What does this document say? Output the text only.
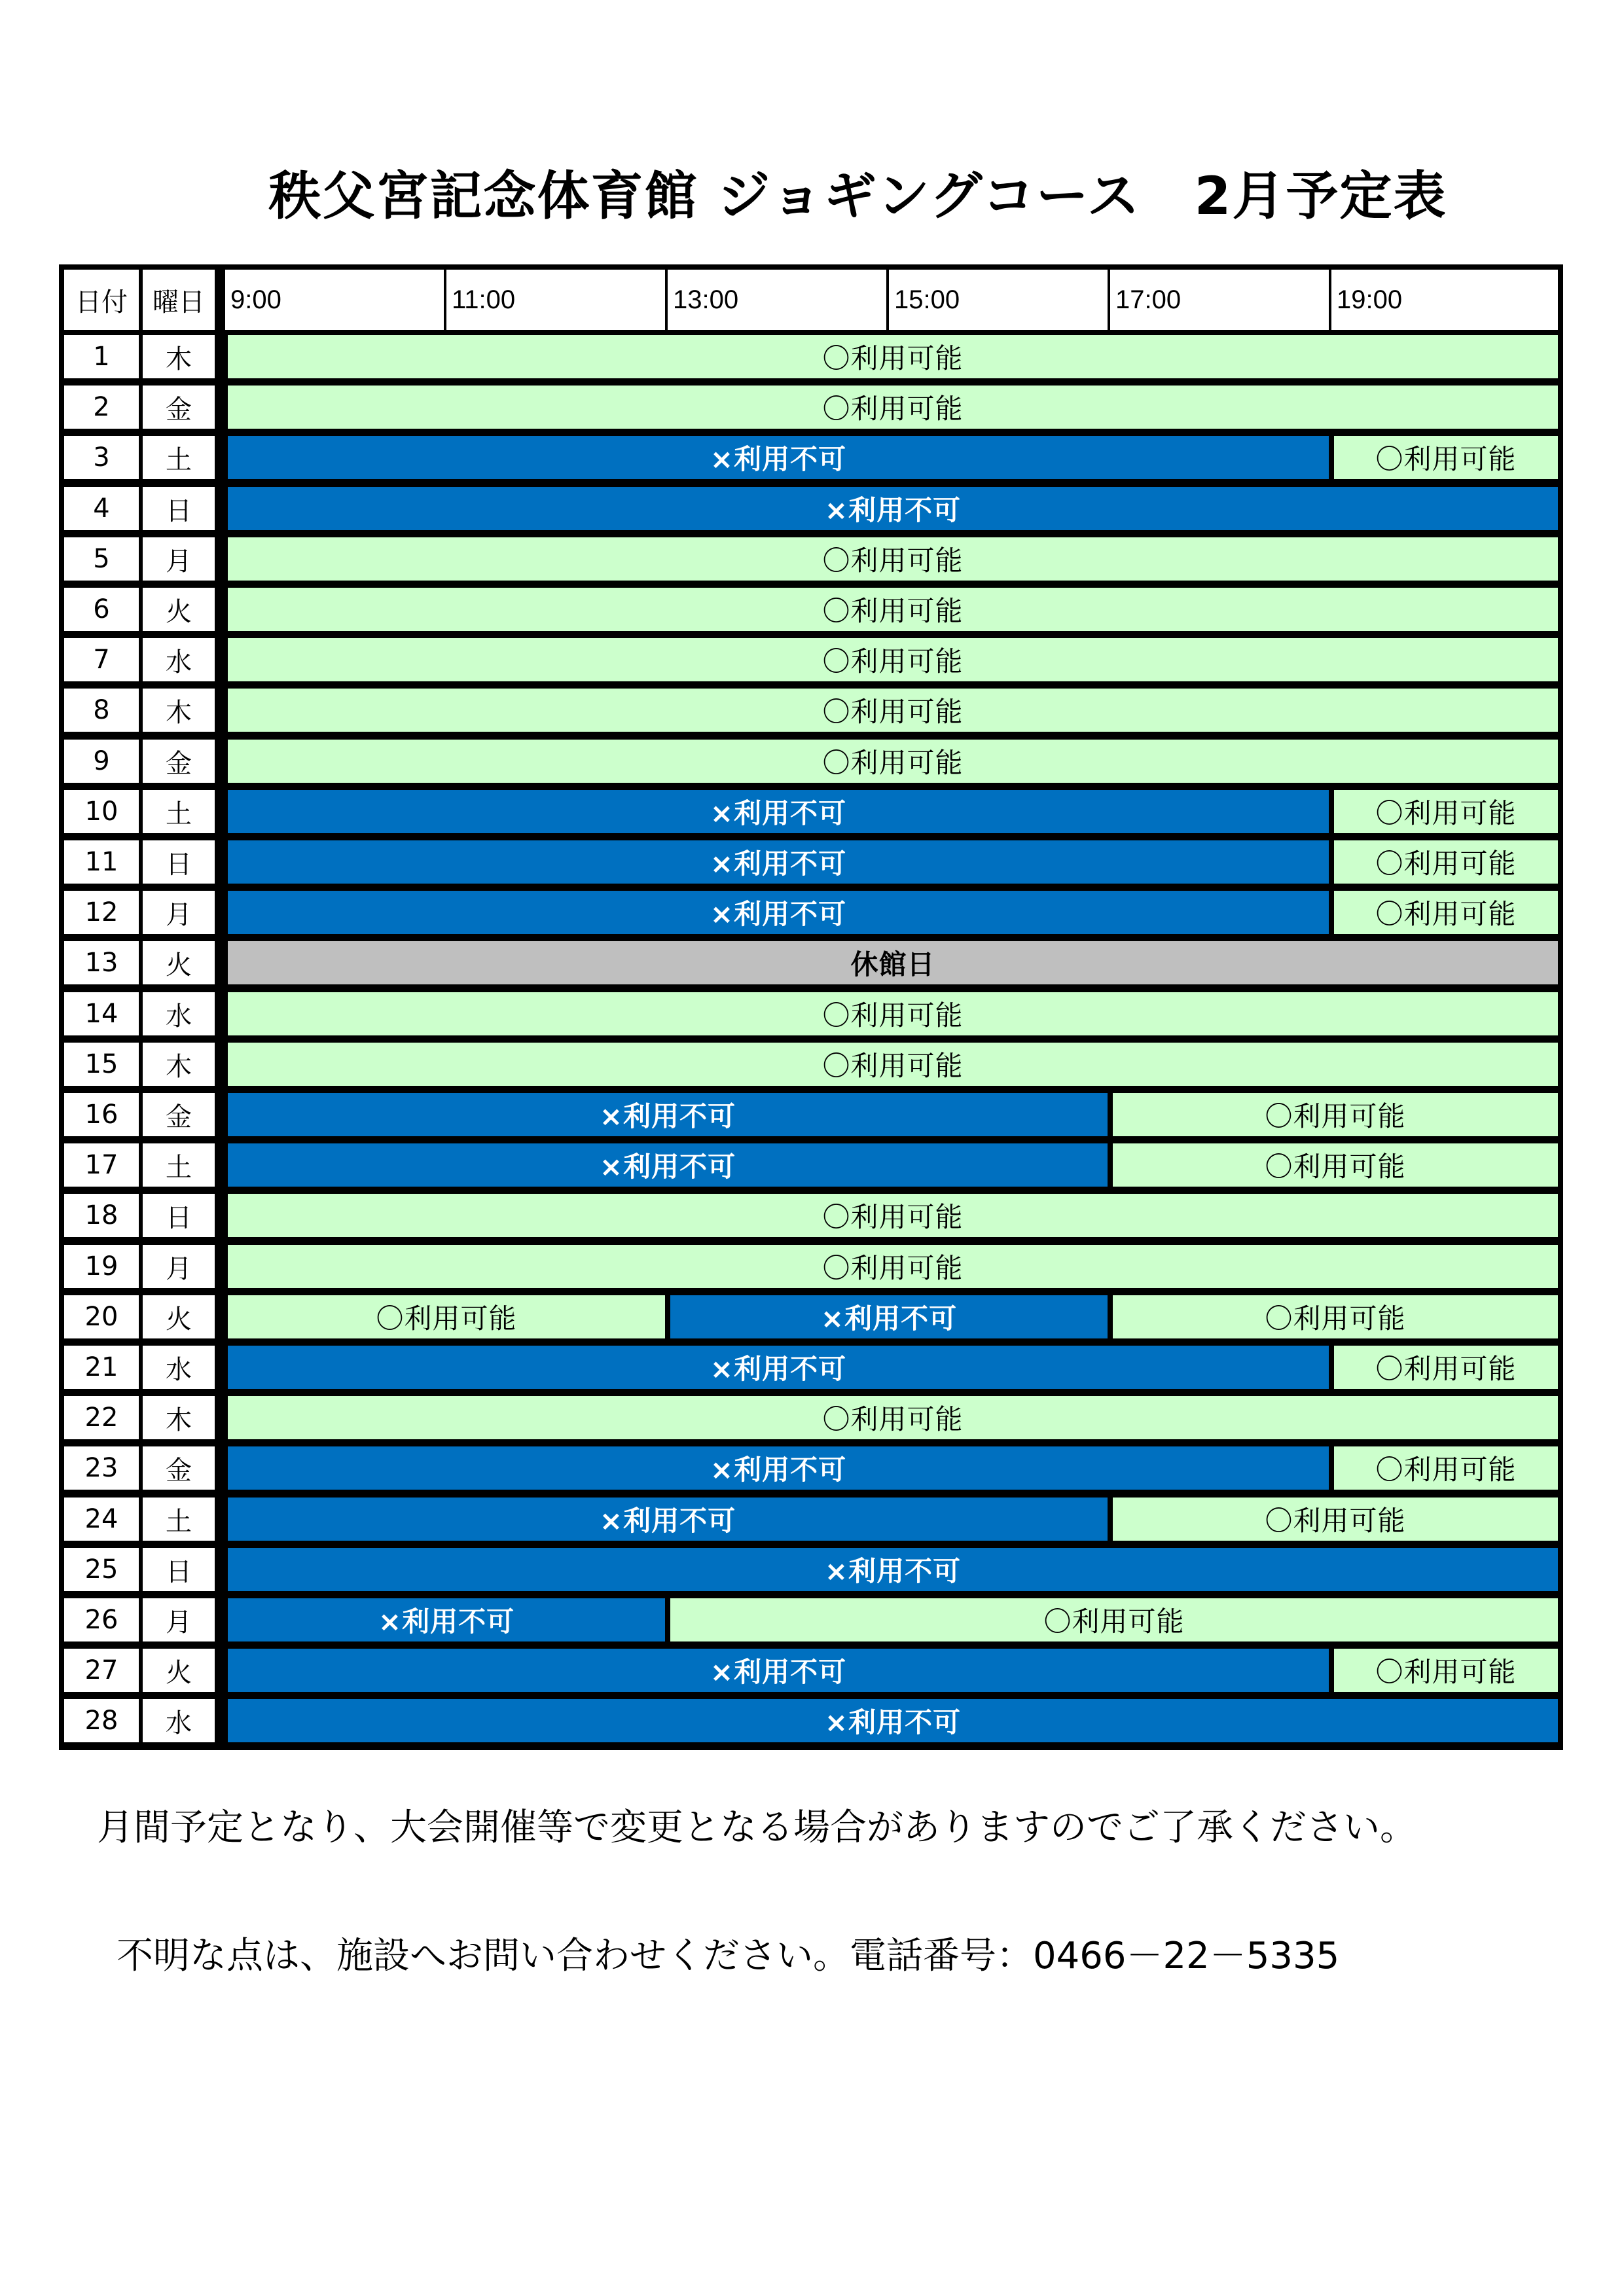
秩父宮記念体育館 ジョギングコース　2月予定表
日付 曜日 9:00	11:00	13:00	15:00	17:00	19:00
1	木	〇利用可能
2	金	〇利用可能
3	土	×利用不可	〇利用可能
4	日	×利用不可
5	月	〇利用可能
6	火	〇利用可能
7	水	〇利用可能
8	木	〇利用可能
9	金	〇利用可能
10	土	×利用不可	〇利用可能
11	日	×利用不可	〇利用可能
12	月	×利用不可	〇利用可能
13	火	休館日
14	水	〇利用可能
15	木	〇利用可能
16	金	×利用不可	〇利用可能
17	土	×利用不可	〇利用可能
18	日	〇利用可能
19	月	〇利用可能
20	火	〇利用可能	×利用不可	〇利用可能
21	水	×利用不可	〇利用可能
22	木	〇利用可能
23	金	×利用不可	〇利用可能
24	土	×利用不可	〇利用可能
25	日	×利用不可
26	月	×利用不可	〇利用可能
27	火	×利用不可	〇利用可能
28	水	×利用不可
月間予定となり、大会開催等で変更となる場合がありますのでご了承ください。
不明な点は、施設へお問い合わせください。電話番号：0466－22－5335
